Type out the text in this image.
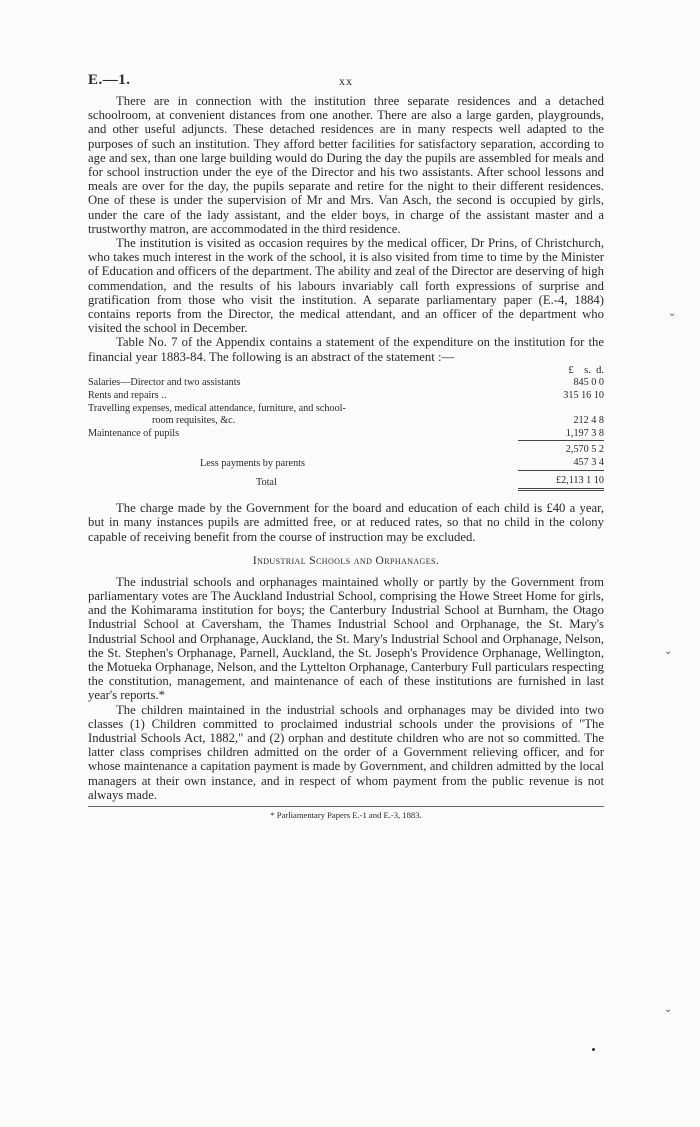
E.—1.	xx

There are in connection with the institution three separate residences and a detached schoolroom, at convenient distances from one another. There are also a large garden, playgrounds, and other useful adjuncts. These detached residences are in many respects well adapted to the purposes of such an institution. They afford better facilities for satisfactory separation, according to age and sex, than one large building would do During the day the pupils are assembled for meals and for school instruction under the eye of the Director and his two assistants. After school lessons and meals are over for the day, the pupils separate and retire for the night to their different residences. One of these is under the supervision of Mr and Mrs. Van Asch, the second is occupied by girls, under the care of the lady assistant, and the elder boys, in charge of the assistant master and a trustworthy matron, are accommodated in the third residence.

The institution is visited as occasion requires by the medical officer, Dr Prins, of Christchurch, who takes much interest in the work of the school, it is also visited from time to time by the Minister of Education and officers of the department. The ability and zeal of the Director are deserving of high commendation, and the results of his labours invariably call forth expressions of surprise and gratification from those who visit the institution. A separate parliamentary paper (E.-4, 1884) contains reports from the Director, the medical attendant, and an officer of the department who visited the school in December.

Table No. 7 of the Appendix contains a statement of the expenditure on the institution for the financial year 1883-84. The following is an abstract of the statement :—

	£ s. d.
Salaries—Director and two assistants	845 0 0
Rents and repairs ..	315 16 10
Travelling expenses, medical attendance, furniture, and school-	
room requisites, &c.	212 4 8
Maintenance of pupils	1,197 3 8
	2,570 5 2
Less payments by parents	457 3 4
Total	£2,113 1 10

The charge made by the Government for the board and education of each child is £40 a year, but in many instances pupils are admitted free, or at reduced rates, so that no child in the colony capable of receiving benefit from the course of instruction may be excluded.

Industrial Schools and Orphanages.

The industrial schools and orphanages maintained wholly or partly by the Government from parliamentary votes are The Auckland Industrial School, comprising the Howe Street Home for girls, and the Kohimarama institution for boys; the Canterbury Industrial School at Burnham, the Otago Industrial School at Caversham, the Thames Industrial School and Orphanage, the St. Mary's Industrial School and Orphanage, Auckland, the St. Mary's Industrial School and Orphanage, Nelson, the St. Stephen's Orphanage, Parnell, Auckland, the St. Joseph's Providence Orphanage, Wellington, the Motueka Orphanage, Nelson, and the Lyttelton Orphanage, Canterbury Full particulars respecting the constitution, management, and maintenance of each of these institutions are furnished in last year's reports.*

The children maintained in the industrial schools and orphanages may be divided into two classes (1) Children committed to proclaimed industrial schools under the provisions of "The Industrial Schools Act, 1882," and (2) orphan and destitute children who are not so committed. The latter class comprises children admitted on the order of a Government relieving officer, and for whose maintenance a capitation payment is made by Government, and children admitted by the local managers at their own instance, and in respect of whom payment from the public revenue is not always made.

* Parliamentary Papers E.-1 and E.-3, 1883.
⌄
⌄
⌄
